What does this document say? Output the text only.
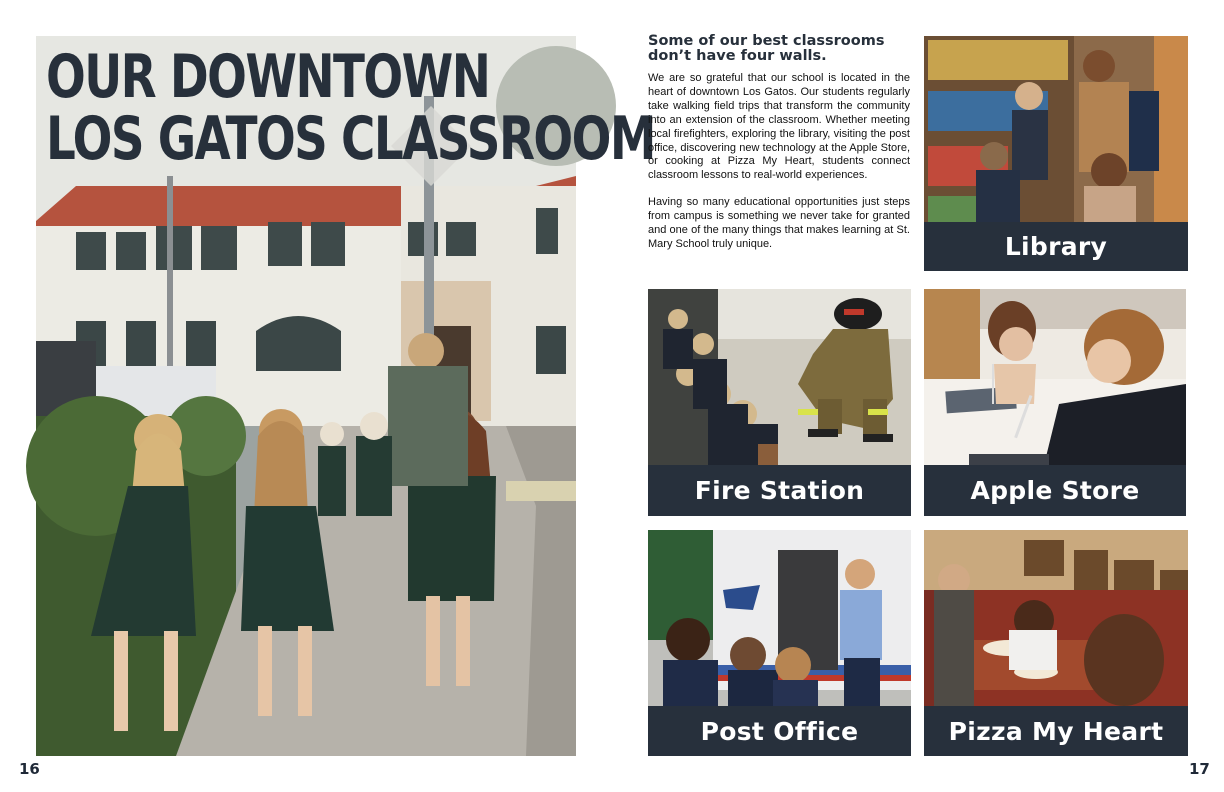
OUR DOWNTOWN
LOS GATOS CLASSROOM
16
Some of our best classrooms don’t have four walls.

We are so grateful that our school is located in the heart of downtown Los Gatos. Our students regularly take walking field trips that transform the community into an extension of the classroom. Whether meeting local firefighters, exploring the library, visiting the post office, discovering new technology at the Apple Store, or cooking at Pizza My Heart, students connect classroom lessons to real-world experiences.

Having so many educational opportunities just steps from campus is something we never take for granted and one of the many things that makes learning at St. Mary School truly unique.	Library
Fire Station	Apple Store
Post Office	Pizza My Heart
17
